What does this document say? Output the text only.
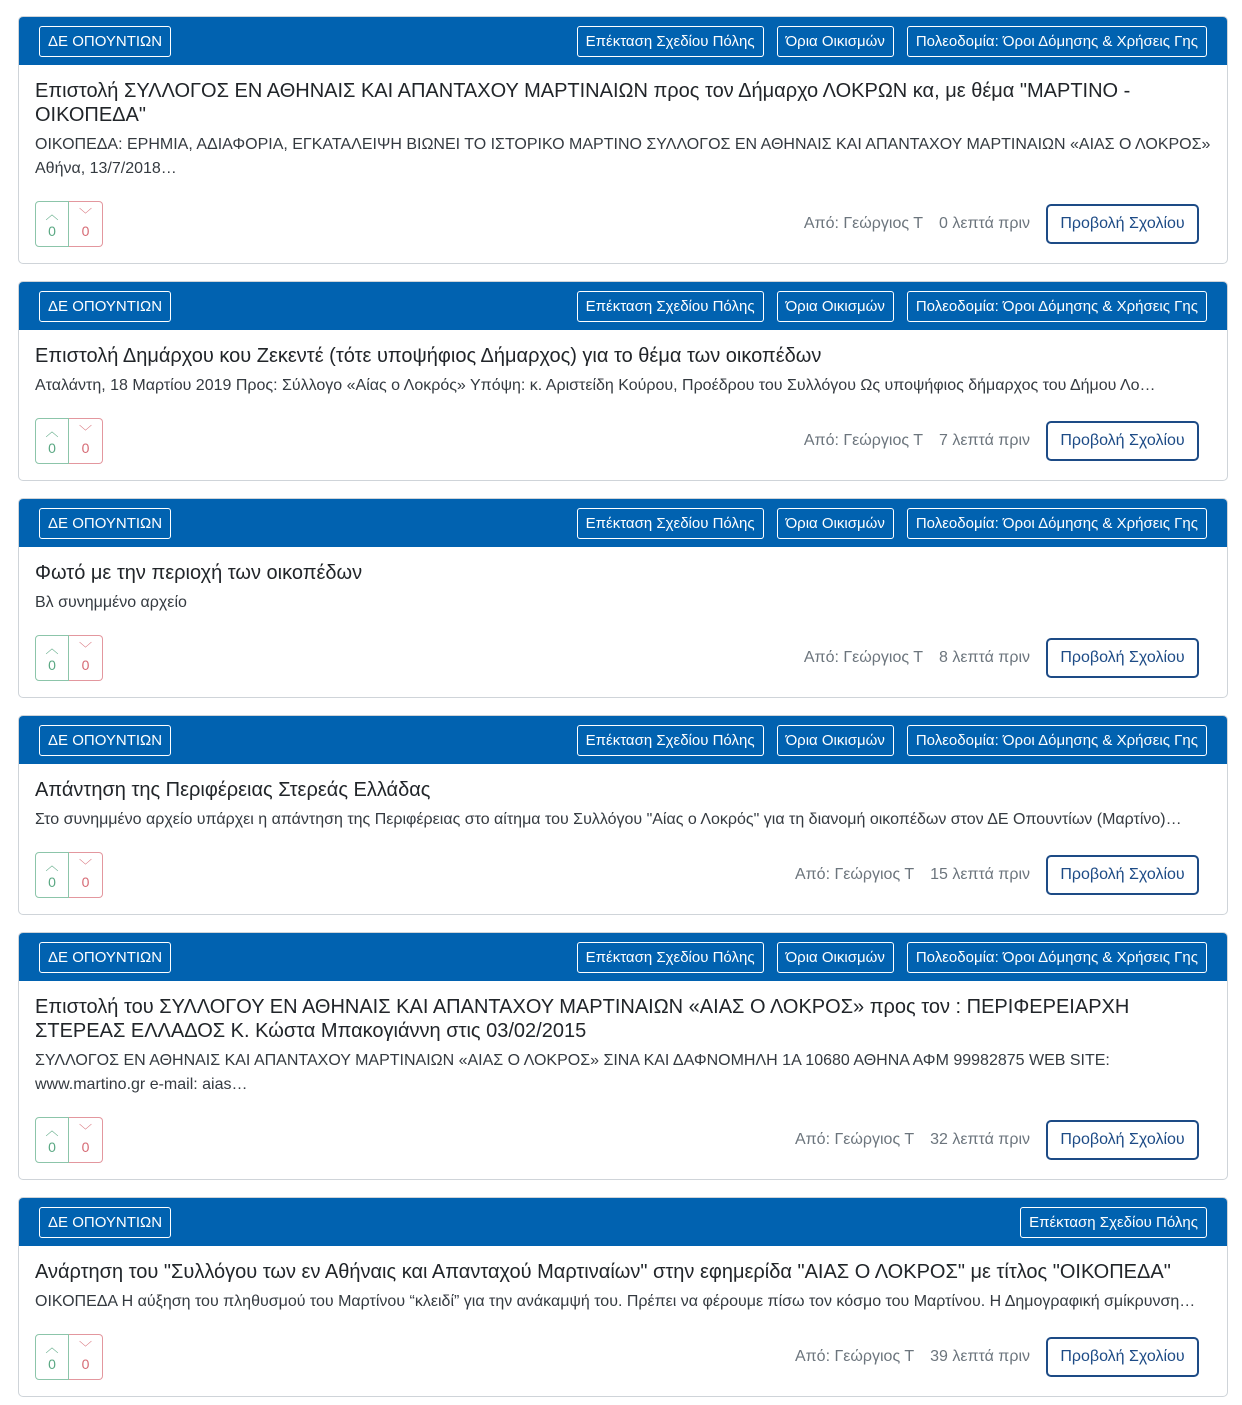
ΔΕ ΟΠΟΥΝΤΙΩΝ	Επέκταση Σχεδίου Πόλης	Όρια Οικισμών	Πολεοδομία: Όροι Δόμησης & Χρήσεις Γης
Επιστολή ΣΥΛΛΟΓΟΣ ΕΝ ΑΘΗΝΑΙΣ ΚΑΙ ΑΠΑΝΤΑΧΟΥ ΜΑΡΤΙΝΑΙΩΝ προς τον Δήμαρχο ΛΟΚΡΩΝ κα, με θέμα "ΜΑΡΤΙΝΟ - ΟΙΚΟΠΕΔΑ"
ΟΙΚΟΠΕΔΑ: ΕΡΗΜΙΑ, ΑΔΙΑΦΟΡΙΑ, ΕΓΚΑΤΑΛΕΙΨΗ ΒΙΩΝΕΙ ΤΟ ΙΣΤΟΡΙΚΟ ΜΑΡΤΙΝΟ ΣΥΛΛΟΓΟΣ ΕΝ ΑΘΗΝΑΙΣ ΚΑΙ ΑΠΑΝΤΑΧΟΥ ΜΑΡΤΙΝΑΙΩΝ «ΑΙΑΣ Ο ΛΟΚΡΟΣ» Αθήνα, 13/7/2018…
︿
0
﹀
0	Από: Γεώργιος Τ 0 λεπτά πριν	Προβολή Σχολίου
ΔΕ ΟΠΟΥΝΤΙΩΝ	Επέκταση Σχεδίου Πόλης	Όρια Οικισμών	Πολεοδομία: Όροι Δόμησης & Χρήσεις Γης
Επιστολή Δημάρχου κου Ζεκεντέ (τότε υποψήφιος Δήμαρχος) για το θέμα των οικοπέδων
Αταλάντη, 18 Μαρτίου 2019 Προς: Σύλλογο «Αίας ο Λοκρός» Υπόψη: κ. Αριστείδη Κούρου, Προέδρου του Συλλόγου Ως υποψήφιος δήμαρχος του Δήμου Λο…
︿
0
﹀
0	Από: Γεώργιος Τ 7 λεπτά πριν	Προβολή Σχολίου
ΔΕ ΟΠΟΥΝΤΙΩΝ	Επέκταση Σχεδίου Πόλης	Όρια Οικισμών	Πολεοδομία: Όροι Δόμησης & Χρήσεις Γης
Φωτό με την περιοχή των οικοπέδων
Βλ συνημμένο αρχείο
︿
0
﹀
0	Από: Γεώργιος Τ 8 λεπτά πριν	Προβολή Σχολίου
ΔΕ ΟΠΟΥΝΤΙΩΝ	Επέκταση Σχεδίου Πόλης	Όρια Οικισμών	Πολεοδομία: Όροι Δόμησης & Χρήσεις Γης
Απάντηση της Περιφέρειας Στερεάς Ελλάδας
Στο συνημμένο αρχείο υπάρχει η απάντηση της Περιφέρειας στο αίτημα του Συλλόγου "Αίας ο Λοκρός" για τη διανομή οικοπέδων στον ΔΕ Οπουντίων (Μαρτίνο)…
︿
0
﹀
0	Από: Γεώργιος Τ 15 λεπτά πριν	Προβολή Σχολίου
ΔΕ ΟΠΟΥΝΤΙΩΝ	Επέκταση Σχεδίου Πόλης	Όρια Οικισμών	Πολεοδομία: Όροι Δόμησης & Χρήσεις Γης
Επιστολή του ΣΥΛΛΟΓΟΥ ΕΝ ΑΘΗΝΑΙΣ ΚΑΙ ΑΠΑΝΤΑΧΟΥ ΜΑΡΤΙΝΑΙΩΝ «ΑΙΑΣ Ο ΛΟΚΡΟΣ» προς τον : ΠΕΡΙΦΕΡΕΙΑΡΧΗ ΣΤΕΡΕΑΣ ΕΛΛΑΔΟΣ Κ. Κώστα Μπακογιάννη στις 03/02/2015
ΣΥΛΛΟΓΟΣ ΕΝ ΑΘΗΝΑΙΣ ΚΑΙ ΑΠΑΝΤΑΧΟΥ ΜΑΡΤΙΝΑΙΩΝ «ΑΙΑΣ Ο ΛΟΚΡΟΣ» ΣΙΝΑ ΚΑΙ ΔΑΦΝΟΜΗΛΗ 1Α 10680 ΑΘΗΝΑ ΑΦΜ 99982875 WEB SITE: www.martino.gr e-mail: aias…
︿
0
﹀
0	Από: Γεώργιος Τ 32 λεπτά πριν	Προβολή Σχολίου
ΔΕ ΟΠΟΥΝΤΙΩΝ	Επέκταση Σχεδίου Πόλης
Ανάρτηση του "Συλλόγου των εν Αθήναις και Απανταχού Μαρτιναίων" στην εφημερίδα "ΑΙΑΣ Ο ΛΟΚΡΟΣ" με τίτλος "ΟΙΚΟΠΕΔΑ"
ΟΙΚΟΠΕΔΑ Η αύξηση του πληθυσμού του Μαρτίνου “κλειδί” για την ανάκαμψή του. Πρέπει να φέρουμε πίσω τον κόσμο του Μαρτίνου. Η Δημογραφική σμίκρυνση…
︿
0
﹀
0	Από: Γεώργιος Τ 39 λεπτά πριν	Προβολή Σχολίου
